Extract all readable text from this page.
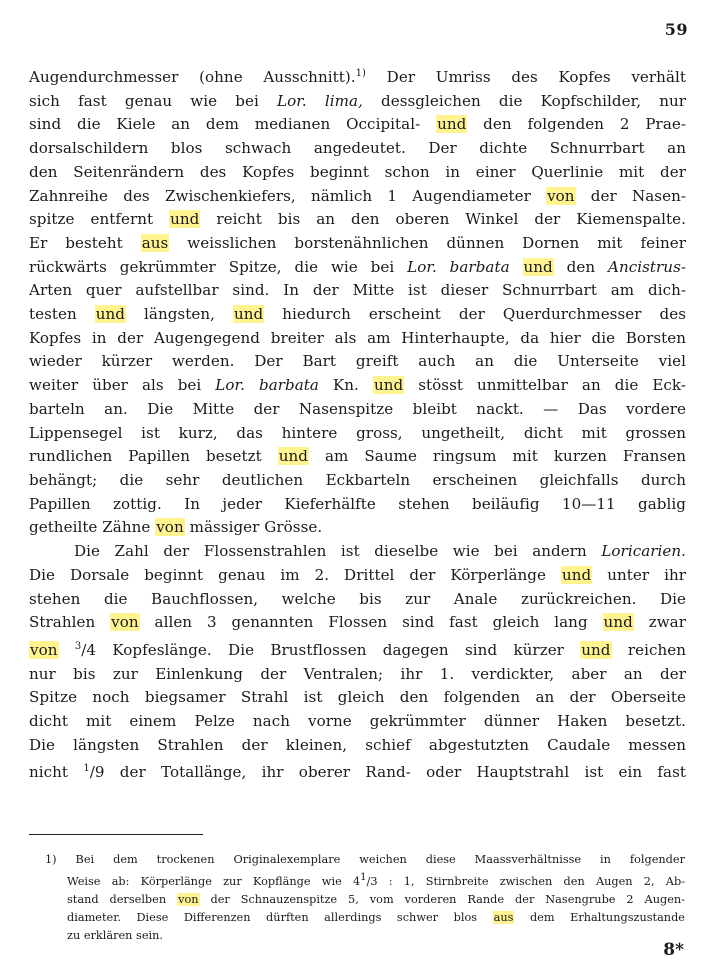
59
Augendurchmesser (ohne Ausschnitt).$^{1)}$ Der Umriss des Kopfes verhält
sich fast genau wie bei Lor. lima, dessgleichen die Kopfschilder, nur
sind die Kiele an dem medianen Occipital- und den folgenden 2 Prae-
dorsalschildern blos schwach angedeutet. Der dichte Schnurrbart an
den Seitenrändern des Kopfes beginnt schon in einer Querlinie mit der
Zahnreihe des Zwischenkiefers, nämlich 1 Augendiameter von der Nasen-
spitze entfernt und reicht bis an den oberen Winkel der Kiemenspalte.
Er besteht aus weisslichen borstenähnlichen dünnen Dornen mit feiner
rückwärts gekrümmter Spitze, die wie bei Lor. barbata und den Ancistrus-
Arten quer aufstellbar sind. In der Mitte ist dieser Schnurrbart am dich-
testen und längsten, und hiedurch erscheint der Querdurchmesser des
Kopfes in der Augengegend breiter als am Hinterhaupte, da hier die Borsten
wieder kürzer werden. Der Bart greift auch an die Unterseite viel
weiter über als bei Lor. barbata Kn. und stösst unmittelbar an die Eck-
barteln an. Die Mitte der Nasenspitze bleibt nackt. — Das vordere
Lippensegel ist kurz, das hintere gross, ungetheilt, dicht mit grossen
rundlichen Papillen besetzt und am Saume ringsum mit kurzen Fransen
behängt; die sehr deutlichen Eckbarteln erscheinen gleichfalls durch
Papillen zottig. In jeder Kieferhälfte stehen beiläufig 10—11 gablig
getheilte Zähne von mässiger Grösse.
Die Zahl der Flossenstrahlen ist dieselbe wie bei andern Loricarien.
Die Dorsale beginnt genau im 2. Drittel der Körperlänge und unter ihr
stehen die Bauchflossen, welche bis zur Anale zurückreichen. Die
Strahlen von allen 3 genannten Flossen sind fast gleich lang und zwar
von $^3$/4 Kopfeslänge. Die Brustflossen dagegen sind kürzer und reichen
nur bis zur Einlenkung der Ventralen; ihr 1. verdickter, aber an der
Spitze noch biegsamer Strahl ist gleich den folgenden an der Oberseite
dicht mit einem Pelze nach vorne gekrümmter dünner Haken besetzt.
Die längsten Strahlen der kleinen, schief abgestutzten Caudale messen
nicht $^1$/9 der Totallänge, ihr oberer Rand- oder Hauptstrahl ist ein fast
1) Bei dem trockenen Originalexemplare weichen diese Maassverhältnisse in folgender
Weise ab: Körperlänge zur Kopflänge wie 41/3 : 1, Stirnbreite zwischen den Augen 2, Ab-
stand derselben von der Schnauzenspitze 5, vom vorderen Rande der Nasengrube 2 Augen-
diameter. Diese Differenzen dürften allerdings schwer blos aus dem Erhaltungszustande
zu erklären sein.
8*
